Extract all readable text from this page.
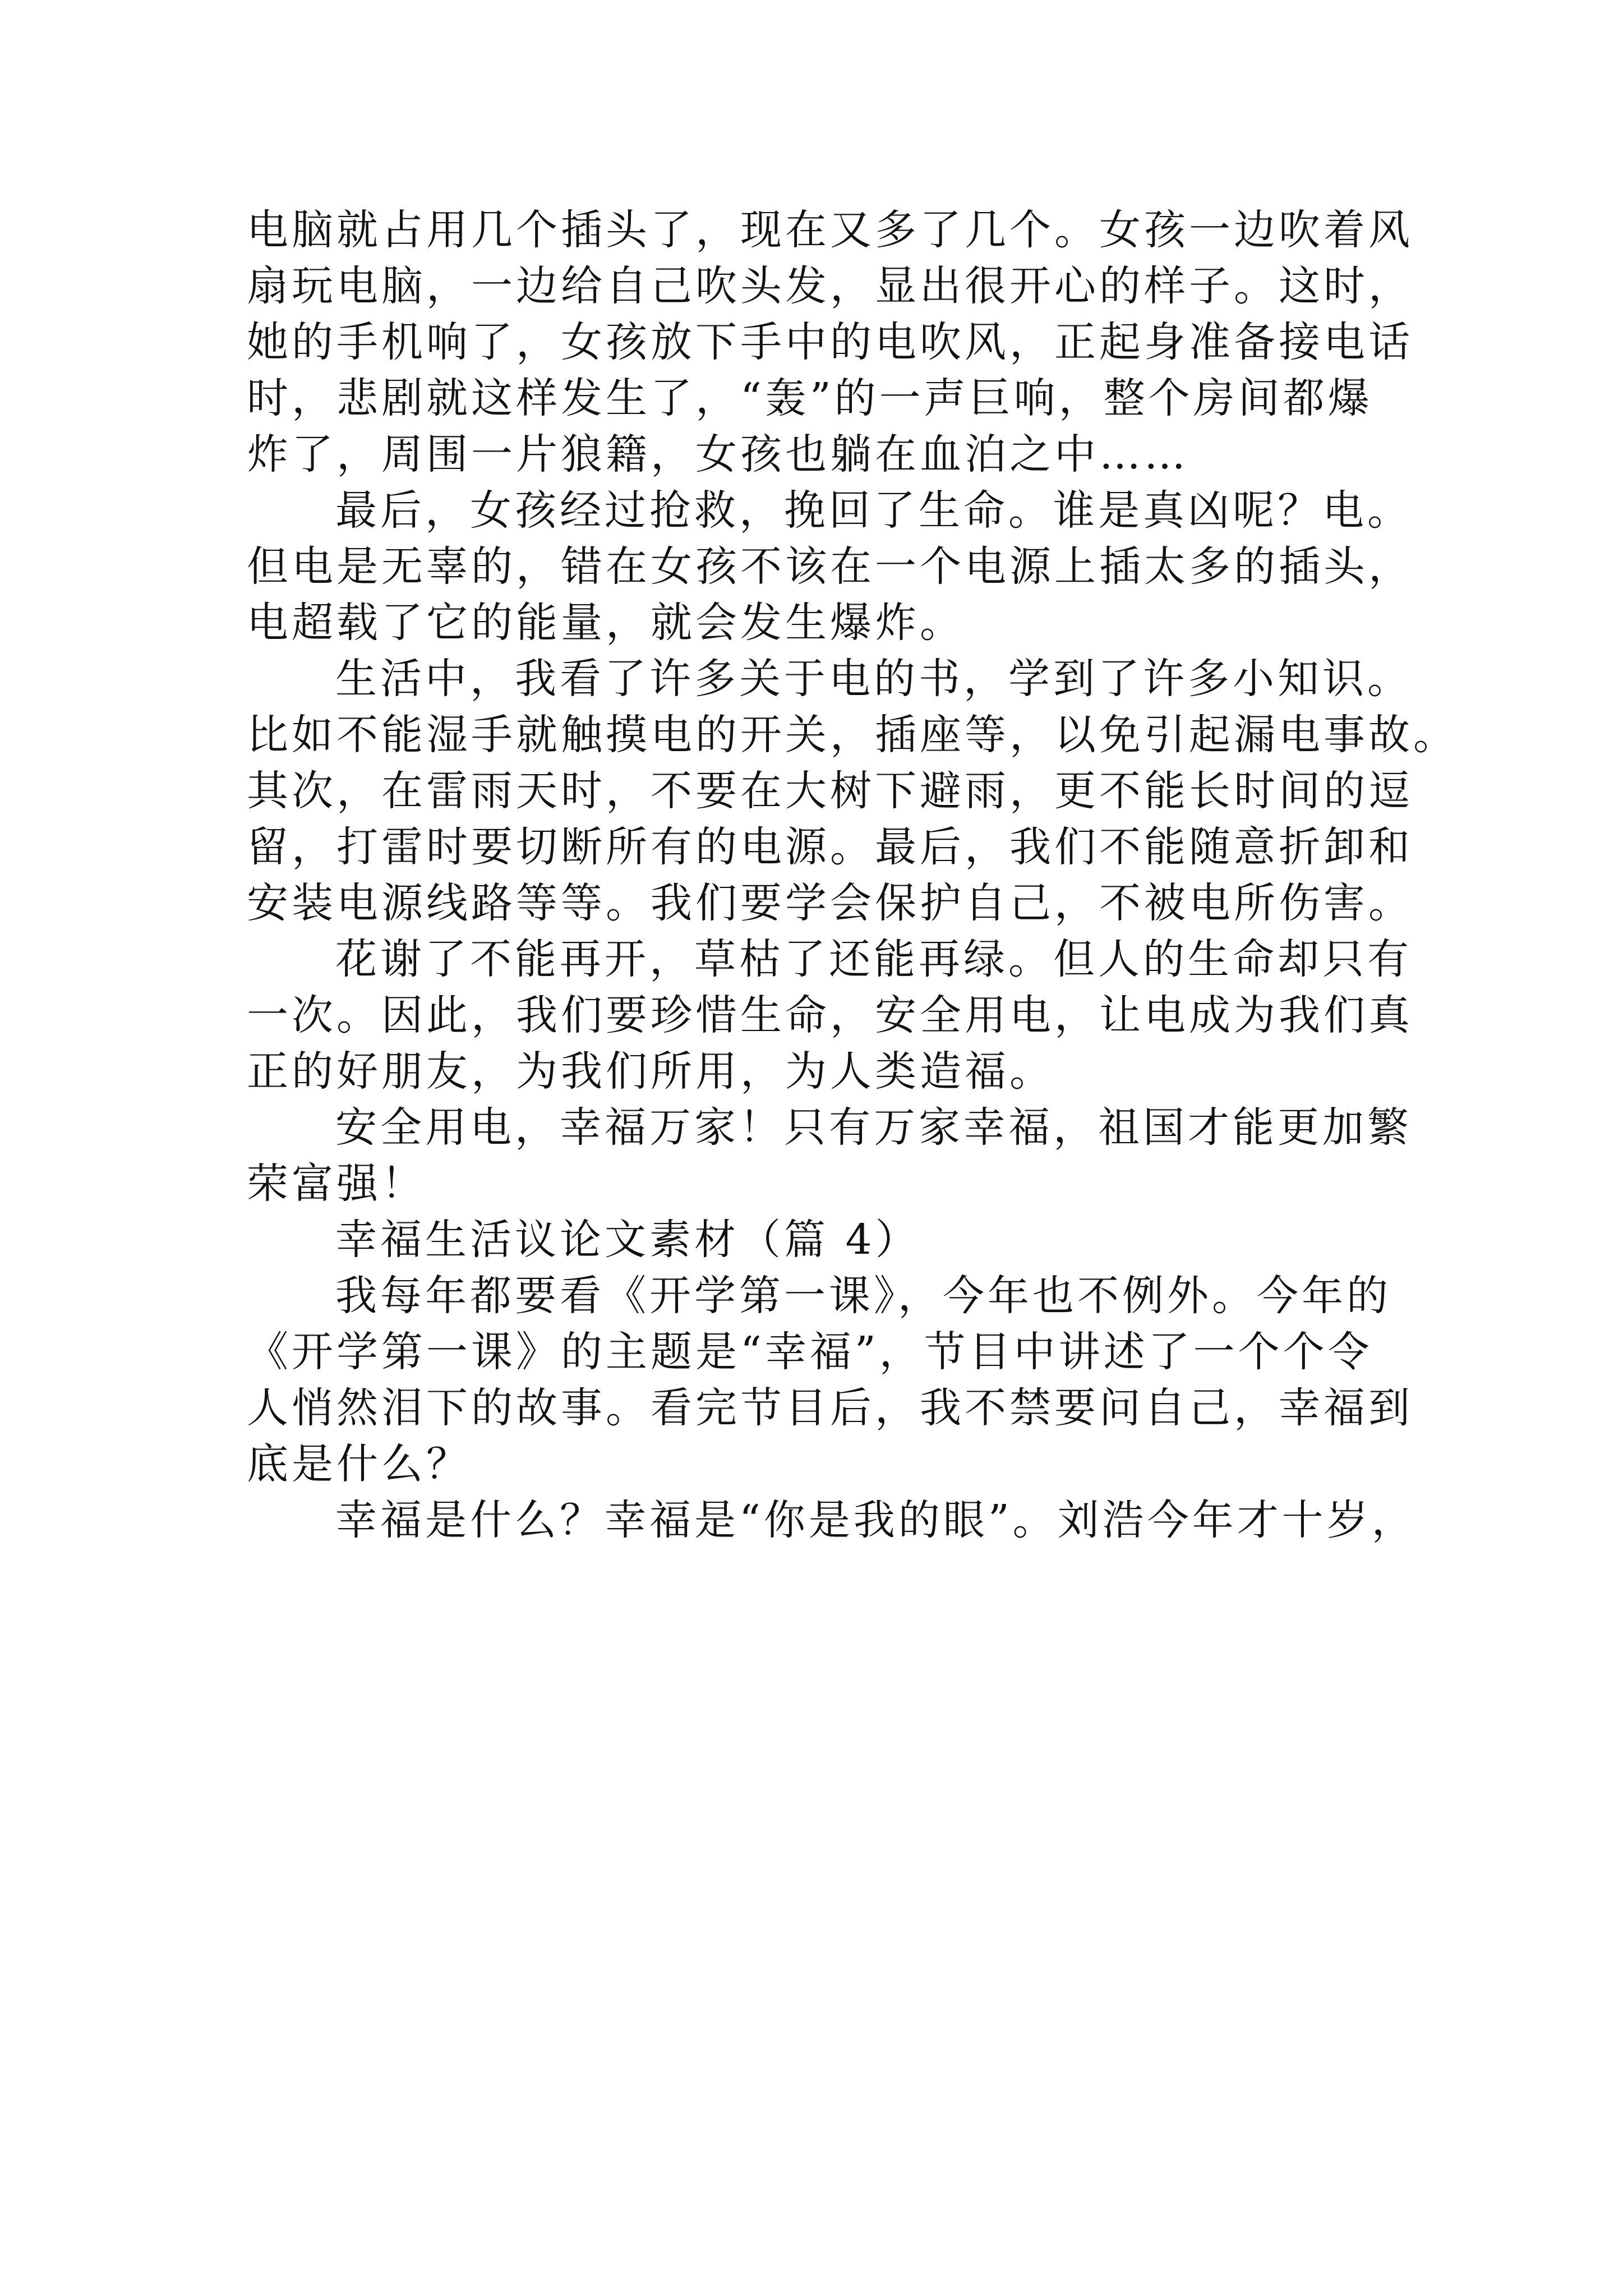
电脑就占用几个插头了，现在又多了几个。女孩一边吹着风
扇玩电脑，一边给自己吹头发，显出很开心的样子。这时，
她的手机响了，女孩放下手中的电吹风，正起身准备接电话
时，悲剧就这样发生了，“轰”的一声巨响，整个房间都爆
炸了，周围一片狼籍，女孩也躺在血泊之中……
最后，女孩经过抢救，挽回了生命。谁是真凶呢？电。
但电是无辜的，错在女孩不该在一个电源上插太多的插头，
电超载了它的能量，就会发生爆炸。
生活中，我看了许多关于电的书，学到了许多小知识。
比如不能湿手就触摸电的开关，插座等，以免引起漏电事故。
其次，在雷雨天时，不要在大树下避雨，更不能长时间的逗
留，打雷时要切断所有的电源。最后，我们不能随意折卸和
安装电源线路等等。我们要学会保护自己，不被电所伤害。
花谢了不能再开，草枯了还能再绿。但人的生命却只有
一次。因此，我们要珍惜生命，安全用电，让电成为我们真
正的好朋友，为我们所用，为人类造福。
安全用电，幸福万家！只有万家幸福，祖国才能更加繁
荣富强！
幸福生活议论文素材（篇 4）
我每年都要看《开学第一课》，今年也不例外。今年的
《开学第一课》的主题是“幸福”，节目中讲述了一个个令
人悄然泪下的故事。看完节目后，我不禁要问自己，幸福到
底是什么？
幸福是什么？幸福是“你是我的眼”。刘浩今年才十岁，
